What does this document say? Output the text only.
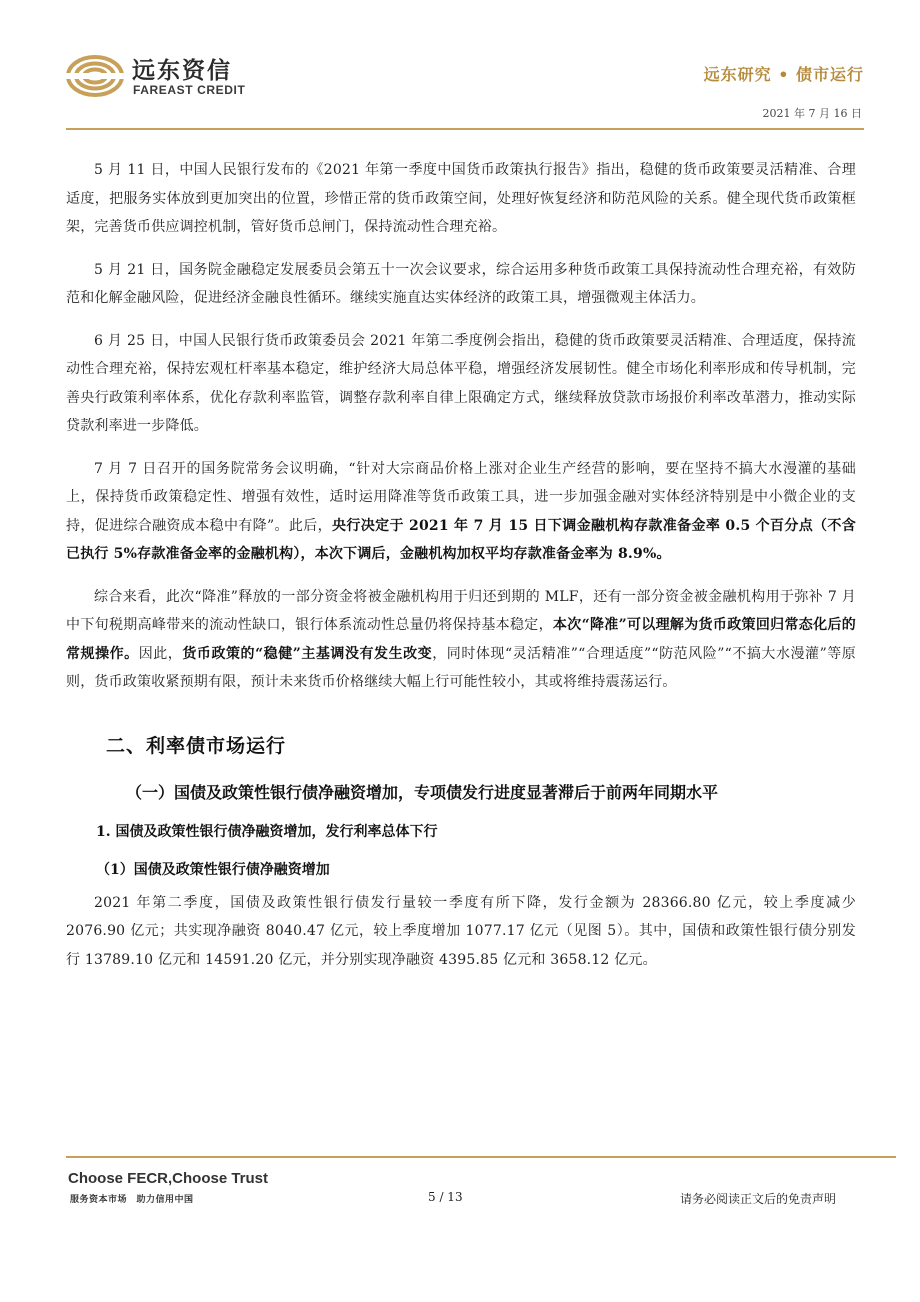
远东资信
FAREAST CREDIT
远东研究 • 债市运行
2021 年 7 月 16 日

5 月 11 日，中国人民银行发布的《2021 年第一季度中国货币政策执行报告》指出，稳健的货币政策要灵活精准、合理适度，把服务实体放到更加突出的位置，珍惜正常的货币政策空间，处理好恢复经济和防范风险的关系。健全现代货币政策框架，完善货币供应调控机制，管好货币总闸门，保持流动性合理充裕。

5 月 21 日，国务院金融稳定发展委员会第五十一次会议要求，综合运用多种货币政策工具保持流动性合理充裕，有效防范和化解金融风险，促进经济金融良性循环。继续实施直达实体经济的政策工具，增强微观主体活力。

6 月 25 日，中国人民银行货币政策委员会 2021 年第二季度例会指出，稳健的货币政策要灵活精准、合理适度，保持流动性合理充裕，保持宏观杠杆率基本稳定，维护经济大局总体平稳，增强经济发展韧性。健全市场化利率形成和传导机制，完善央行政策利率体系，优化存款利率监管，调整存款利率自律上限确定方式，继续释放贷款市场报价利率改革潜力，推动实际贷款利率进一步降低。

7 月 7 日召开的国务院常务会议明确，“针对大宗商品价格上涨对企业生产经营的影响，要在坚持不搞大水漫灌的基础上，保持货币政策稳定性、增强有效性，适时运用降准等货币政策工具，进一步加强金融对实体经济特别是中小微企业的支持，促进综合融资成本稳中有降”。此后，央行决定于 2021 年 7 月 15 日下调金融机构存款准备金率 0.5 个百分点（不含已执行 5%存款准备金率的金融机构），本次下调后，金融机构加权平均存款准备金率为 8.9%。

综合来看，此次“降准”释放的一部分资金将被金融机构用于归还到期的 MLF，还有一部分资金被金融机构用于弥补 7 月中下旬税期高峰带来的流动性缺口，银行体系流动性总量仍将保持基本稳定，本次“降准”可以理解为货币政策回归常态化后的常规操作。因此，货币政策的“稳健”主基调没有发生改变，同时体现“灵活精准”“合理适度”“防范风险”“不搞大水漫灌”等原则，货币政策收紧预期有限，预计未来货币价格继续大幅上行可能性较小，其或将维持震荡运行。

二、利率债市场运行
（一）国债及政策性银行债净融资增加，专项债发行进度显著滞后于前两年同期水平
1. 国债及政策性银行债净融资增加，发行利率总体下行
（1）国债及政策性银行债净融资增加

2021 年第二季度，国债及政策性银行债发行量较一季度有所下降，发行金额为 28366.80 亿元，较上季度减少 2076.90 亿元；共实现净融资 8040.47 亿元，较上季度增加 1077.17 亿元（见图 5）。其中，国债和政策性银行债分别发行 13789.10 亿元和 14591.20 亿元，并分别实现净融资 4395.85 亿元和 3658.12 亿元。

Choose FECR,Choose Trust
服务资本市场　助力信用中国	5 / 13	请务必阅读正文后的免责声明
